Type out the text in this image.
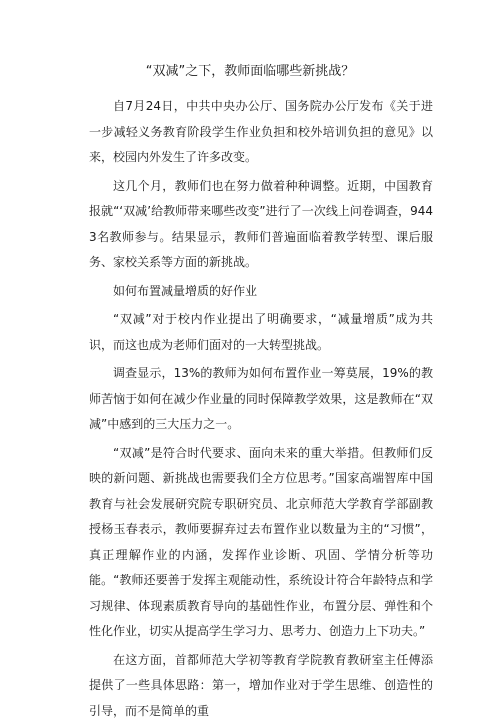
“双减”之下，教师面临哪些新挑战？

自7月24日，中共中央办公厅、国务院办公厅发布《关于进一步减轻义务教育阶段学生作业负担和校外培训负担的意见》以来，校园内外发生了许多改变。

这几个月，教师们也在努力做着种种调整。近期，中国教育报就“‘双减’给教师带来哪些改变”进行了一次线上问卷调查，9443名教师参与。结果显示，教师们普遍面临着教学转型、课后服务、家校关系等方面的新挑战。

如何布置减量增质的好作业

“双减”对于校内作业提出了明确要求，“减量增质”成为共识，而这也成为老师们面对的一大转型挑战。

调查显示，13%的教师为如何布置作业一筹莫展，19%的教师苦恼于如何在减少作业量的同时保障教学效果，这是教师在“双减”中感到的三大压力之一。

“双减”是符合时代要求、面向未来的重大举措。但教师们反映的新问题、新挑战也需要我们全方位思考。”国家高端智库中国教育与社会发展研究院专职研究员、北京师范大学教育学部副教授杨玉春表示，教师要摒弃过去布置作业以数量为主的“习惯”，真正理解作业的内涵，发挥作业诊断、巩固、学情分析等功能。“教师还要善于发挥主观能动性，系统设计符合年龄特点和学习规律、体现素质教育导向的基础性作业，布置分层、弹性和个性化作业，切实从提高学生学习力、思考力、创造力上下功夫。”

在这方面，首都师范大学初等教育学院教育教研室主任傅添提供了一些具体思路：第一，增加作业对于学生思维、创造性的引导，而不是简单的重
